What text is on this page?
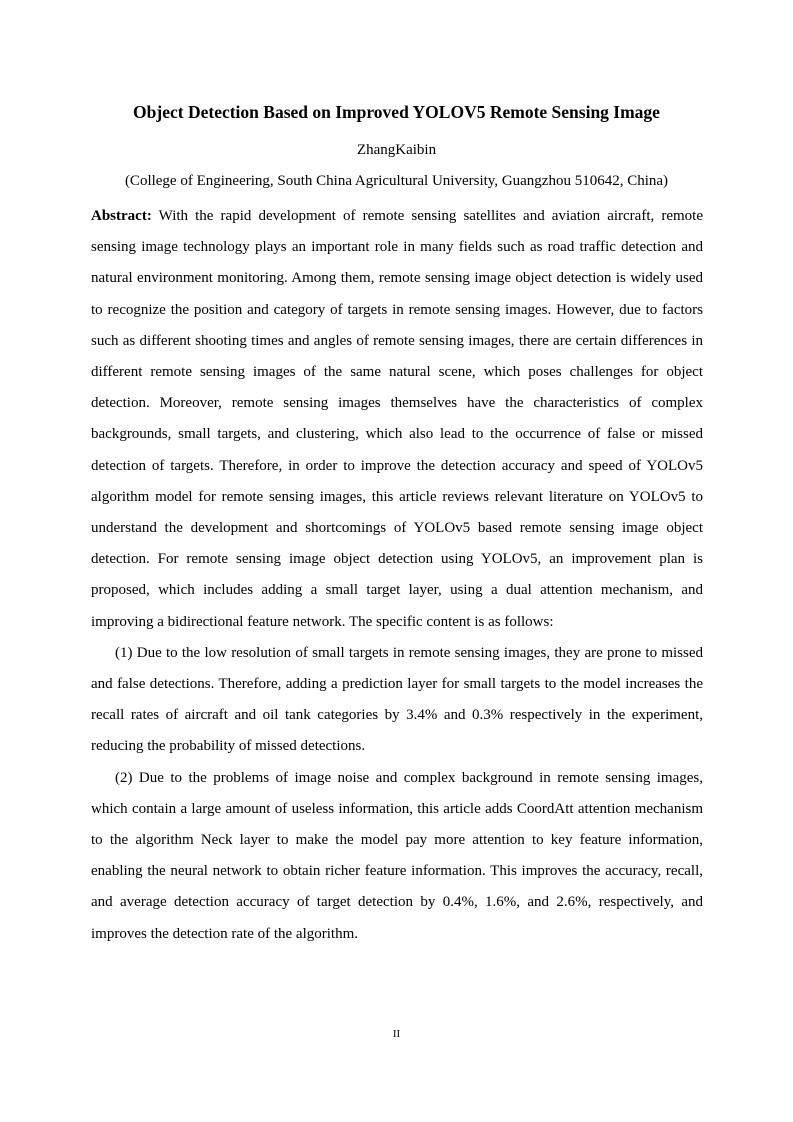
Object Detection Based on Improved YOLOV5 Remote Sensing Image
ZhangKaibin
(College of Engineering, South China Agricultural University, Guangzhou 510642, China)

Abstract: With the rapid development of remote sensing satellites and aviation aircraft, remote sensing image technology plays an important role in many fields such as road traffic detection and natural environment monitoring. Among them, remote sensing image object detection is widely used to recognize the position and category of targets in remote sensing images. However, due to factors such as different shooting times and angles of remote sensing images, there are certain differences in different remote sensing images of the same natural scene, which poses challenges for object detection. Moreover, remote sensing images themselves have the characteristics of complex backgrounds, small targets, and clustering, which also lead to the occurrence of false or missed detection of targets. Therefore, in order to improve the detection accuracy and speed of YOLOv5 algorithm model for remote sensing images, this article reviews relevant literature on YOLOv5 to understand the development and shortcomings of YOLOv5 based remote sensing image object detection. For remote sensing image object detection using YOLOv5, an improvement plan is proposed, which includes adding a small target layer, using a dual attention mechanism, and improving a bidirectional feature network. The specific content is as follows:

(1) Due to the low resolution of small targets in remote sensing images, they are prone to missed and false detections. Therefore, adding a prediction layer for small targets to the model increases the recall rates of aircraft and oil tank categories by 3.4% and 0.3% respectively in the experiment, reducing the probability of missed detections.

(2) Due to the problems of image noise and complex background in remote sensing images, which contain a large amount of useless information, this article adds CoordAtt attention mechanism to the algorithm Neck layer to make the model pay more attention to key feature information, enabling the neural network to obtain richer feature information. This improves the accuracy, recall, and average detection accuracy of target detection by 0.4%, 1.6%, and 2.6%, respectively, and improves the detection rate of the algorithm.

II
